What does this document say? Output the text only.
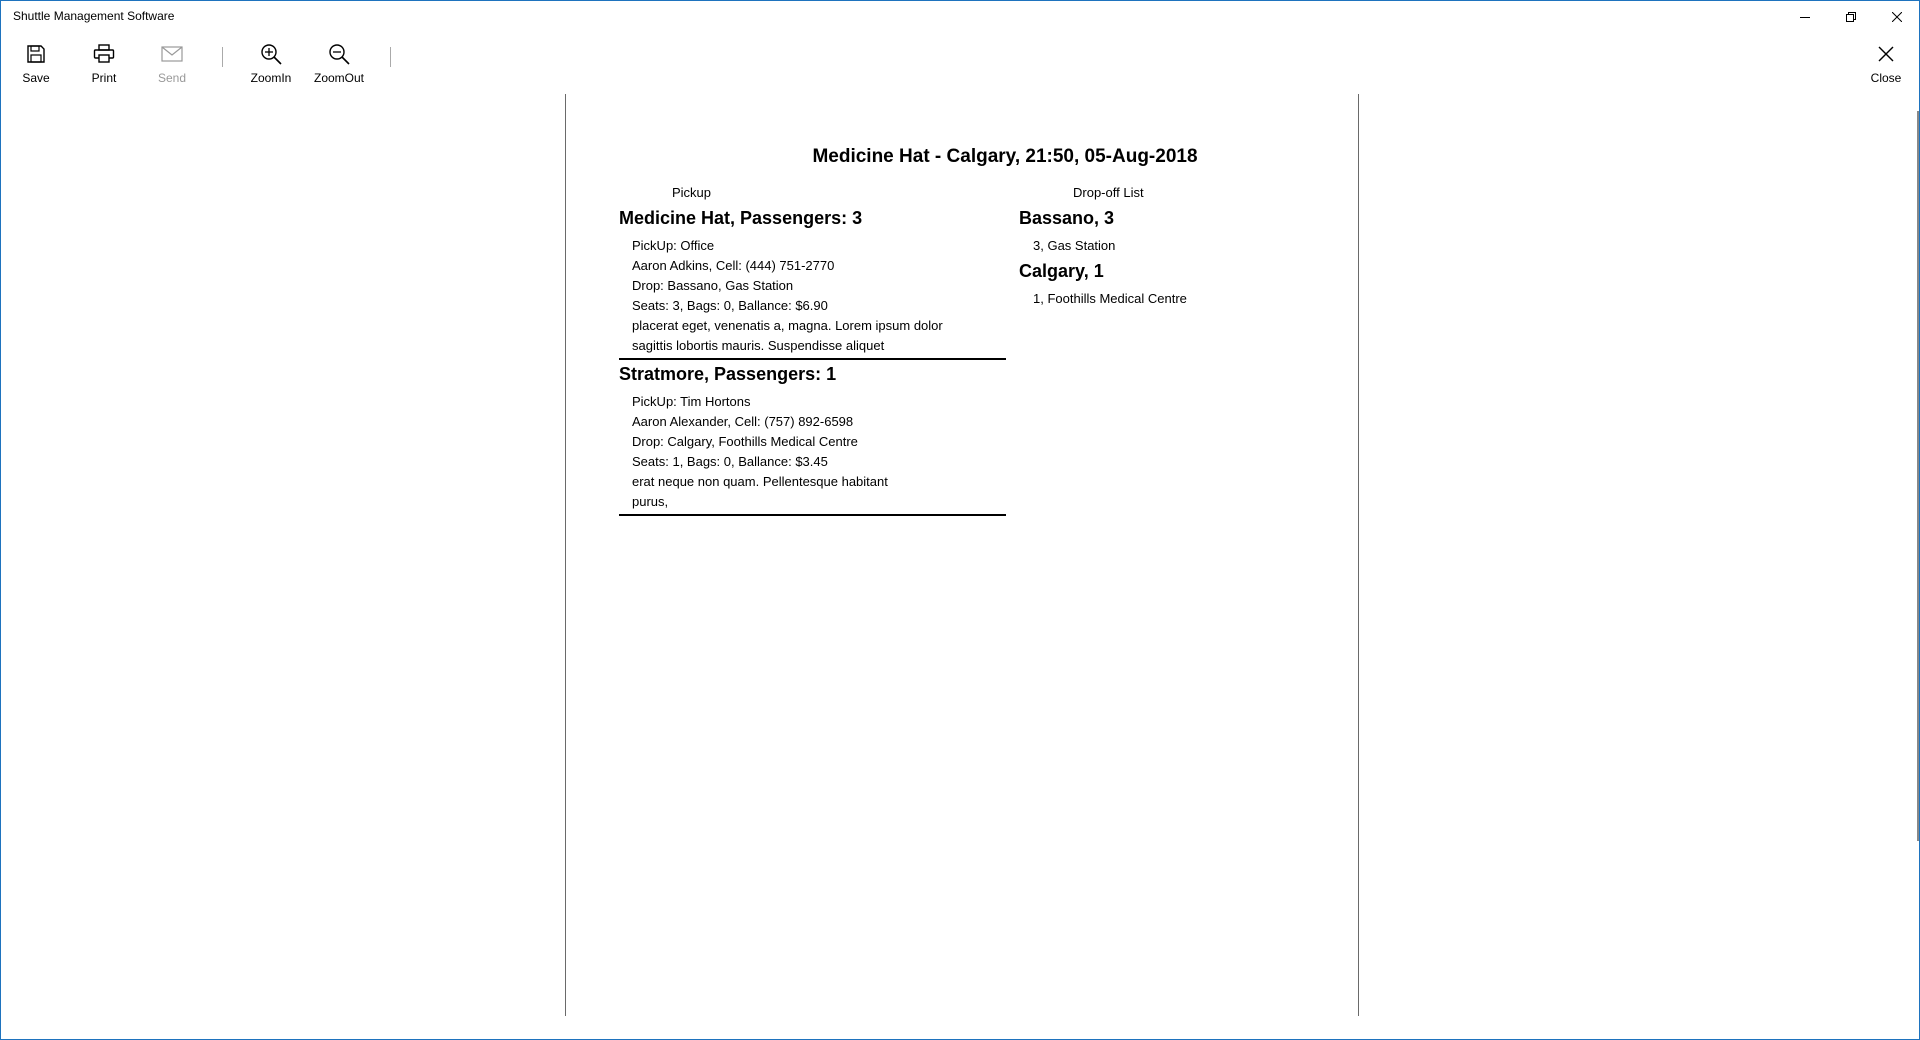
Shuttle Management Software
Save	Print	Send	ZoomIn ZoomOut	Close
Medicine Hat - Calgary, 21:50, 05-Aug-2018
Pickup	Drop-off List
Medicine Hat, Passengers: 3
PickUp: Office
Aaron Adkins, Cell: (444) 751-2770
Drop: Bassano, Gas Station
Seats: 3, Bags: 0, Ballance: $6.90
placerat eget, venenatis a, magna. Lorem ipsum dolor
sagittis lobortis mauris. Suspendisse aliquet
Stratmore, Passengers: 1
PickUp: Tim Hortons
Aaron Alexander, Cell: (757) 892-6598
Drop: Calgary, Foothills Medical Centre
Seats: 1, Bags: 0, Ballance: $3.45
erat neque non quam. Pellentesque habitant
purus,
Bassano, 3
3, Gas Station
Calgary, 1
1, Foothills Medical Centre
